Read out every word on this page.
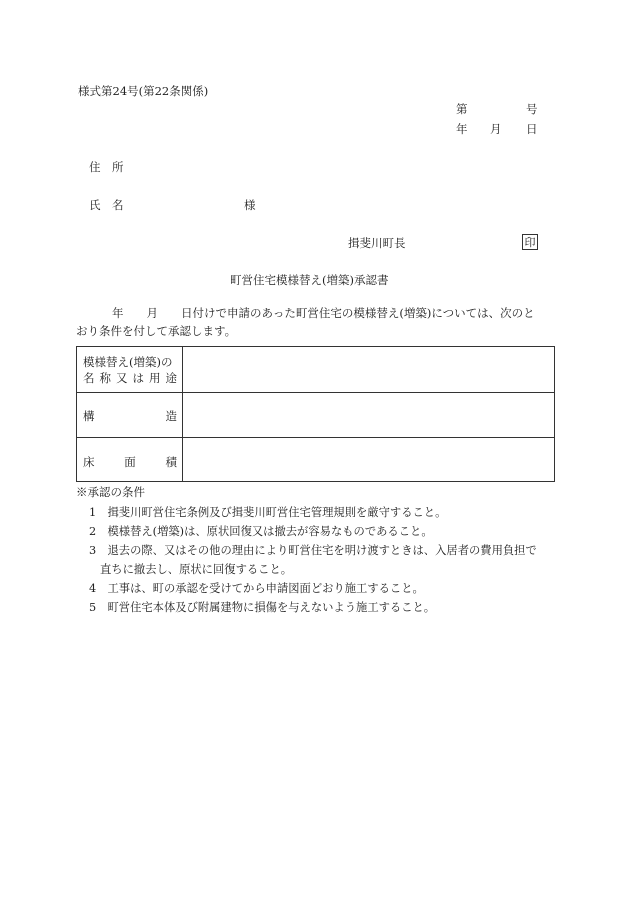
様式第24号(第22条関係)
第	号
年 月 日
住　所
氏　名	様
揖斐川町長	印
町営住宅模様替え(増築)承認書
年　　月　　日付けで申請のあった町営住宅の模様替え(増築)については、次のと
おり条件を付して承認します。
模様替え(増築)の
名 称 又 は 用 途
構	造
床	面	積
※承認の条件
1　揖斐川町営住宅条例及び揖斐川町営住宅管理規則を厳守すること。
2　模様替え(増築)は、原状回復又は撤去が容易なものであること。
3　退去の際、又はその他の理由により町営住宅を明け渡すときは、入居者の費用負担で
直ちに撤去し、原状に回復すること。
4　工事は、町の承認を受けてから申請図面どおり施工すること。
5　町営住宅本体及び附属建物に損傷を与えないよう施工すること。
